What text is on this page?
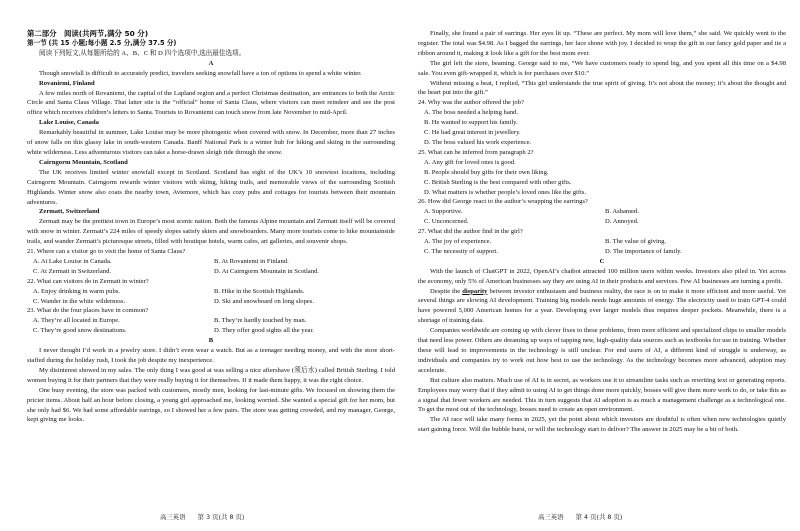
第二部分　阅读(共两节,满分 50 分)

第一节 (共 15 小题;每小题 2.5 分,满分 37.5 分)

阅读下列短文,从每题所给的 A、B、C 和 D 四个选项中,选出最佳选项。

A

Though snowfall is difficult to accurately predict, travelers seeking snowfall have a ton of options to spend a white winter.

Rovaniemi, Finland

A few miles north of Rovaniemi, the capital of the Lapland region and a perfect Christmas destination, are entrances to both the Arctic Circle and Santa Claus Village. That latter site is the “official” home of Santa Claus, where visitors can meet reindeer and see the post office which receives children’s letters to Santa. Tourists to Rovaniemi can touch snow from late November to mid-April.

Lake Louise, Canada

Remarkably beautiful in summer, Lake Louise may be more photogenic when covered with snow. In December, more than 27 inches of snow falls on this glassy lake in south-western Canada. Banff National Park is a winter hub for hiking and skiing in the surrounding white wilderness. Less adventurous visitors can take a horse-drawn sleigh ride through the snow.

Cairngorm Mountain, Scotland

The UK receives limited winter snowfall except in Scotland. Scotland has eight of the UK’s 10 snowiest locations, including Cairngorm Mountain. Cairngorm rewards winter visitors with skiing, hiking trails, and memorable views of the surrounding Scottish Highlands. Winter snow also coats the nearby town, Aviemore, which has cozy pubs and cottages for tourists between their mountain adventures.

Zermatt, Switzerland

Zermatt may be the prettiest town in Europe’s most scenic nation. Both the famous Alpine mountain and Zermatt itself will be covered with snow in winter. Zermatt’s 224 miles of speedy slopes satisfy skiers and snowboarders. Many more tourists come to hike mountainside trails, and wander Zermatt’s picturesque streets, filled with boutique hotels, warm cafes, art galleries, and souvenir shops.

21. Where can a visitor go to visit the home of Santa Claus?

A. At Lake Louise in Canada.	B. At Rovaniemi in Finland.
C. At Zermatt in Switzerland.	D. At Cairngorm Mountain in Scotland.

22. What can visitors do in Zermatt in winter?

A. Enjoy drinking in warm pubs.	B. Hike in the Scottish Highlands.
C. Wander in the white wilderness.	D. Ski and snowboard on long slopes.

23. What do the four places have in common?

A. They’re all located in Europe.	B. They’re hardly touched by man.
C. They’re good snow destinations.	D. They offer good sights all the year.

B

I never thought I’d work in a jewelry store. I didn’t even wear a watch. But as a teenager needing money, and with the store short-staffed during the holiday rush, I took the job despite my inexperience.

My disinterest showed in my sales. The only thing I was good at was selling a nice aftershave (须后水) called British Sterling. I told women buying it for their partners that they were really buying it for themselves. If it made them happy, it was the right choice.

One busy evening, the store was packed with customers, mostly men, looking for last-minute gifts. We focused on showing them the pricier items. About half an hour before closing, a young girl approached me, looking worried. She wanted a special gift for her mom, but she only had $6. We had some affordable earrings, so I showed her a few pairs. The store was getting crowded, and my manager, George, kept giving me looks.

Finally, she found a pair of earrings. Her eyes lit up. “These are perfect. My mom will love them,” she said. We quickly went to the register. The total was $4.98. As I bagged the earrings, her face shone with joy. I decided to wrap the gift in our fancy gold paper and tie a ribbon around it, making it look like a gift for the best mom ever.

The girl left the store, beaming. George said to me, “We have customers ready to spend big, and you spent all this time on a $4.98 sale. You even gift-wrapped it, which is for purchases over $10.”

Without missing a beat, I replied, “This girl understands the true spirit of giving. It’s not about the money; it’s about the thought and the heart put into the gift.”

24. Why was the author offered the job?

A. The boss needed a helping hand.
B. He wanted to support his family.
C. He had great interest in jewellery.
D. The boss valued his work experience.

25. What can be inferred from paragraph 2?

A. Any gift for loved ones is good.
B. People should buy gifts for their own liking.
C. British Sterling is the best compared with other gifts.
D. What matters is whether people’s loved ones like the gifts.

26. How did George react to the author’s wrapping the earrings?

A. Supportive.	B. Ashamed.
C. Unconcerned.	D. Annoyed.

27. What did the author find in the girl?

A. The joy of experience.	B. The value of giving.
C. The necessity of support.	D. The importance of family.

C

With the launch of ChatGPT in 2022, OpenAI’s chatbot attracted 100 million users within weeks. Investors also piled in. Yet across the economy, only 5% of American businesses say they are using AI in their products and services. Few AI businesses are turning a profit.

Despite the disparity between investor enthusiasm and business reality, the race is on to make it more efficient and more useful. Yet several things are slowing AI development. Training big models needs huge amounts of energy. The electricity used to train GPT-4 could have powered 5,000 American homes for a year. Developing ever larger models thus requires deeper pockets. Meanwhile, there is a shortage of training data.

Companies worldwide are coming up with clever fixes to these problems, from more efficient and specialized chips to smaller models that need less power. Others are dreaming up ways of tapping new, high-quality data sources such as textbooks for use in training. Whether these will lead to improvements in the technology is still unclear. For end users of AI, a different kind of struggle is underway, as individuals and companies try to work out how best to use the technology. As the technology becomes more advanced, adoption may accelerate.

But culture also matters. Much use of AI is in secret, as workers use it to streamline tasks such as rewriting text or generating reports. Employees may worry that if they admit to using AI to get things done more quickly, bosses will give them more work to do, or take this as a signal that fewer workers are needed. This in turn suggests that AI adoption is as much a management challenge as a technological one. To get the most out of the technology, bosses need to create an open environment.

The AI race will take many forms in 2025, yet the point about which investors are doubtful is often when new technologies quietly start gaining force. Will the bubble burst, or will the technology start to deliver? The answer in 2025 may be a bit of both.

高三英语 第 3 页(共 8 页)	高三英语 第 4 页(共 8 页)
